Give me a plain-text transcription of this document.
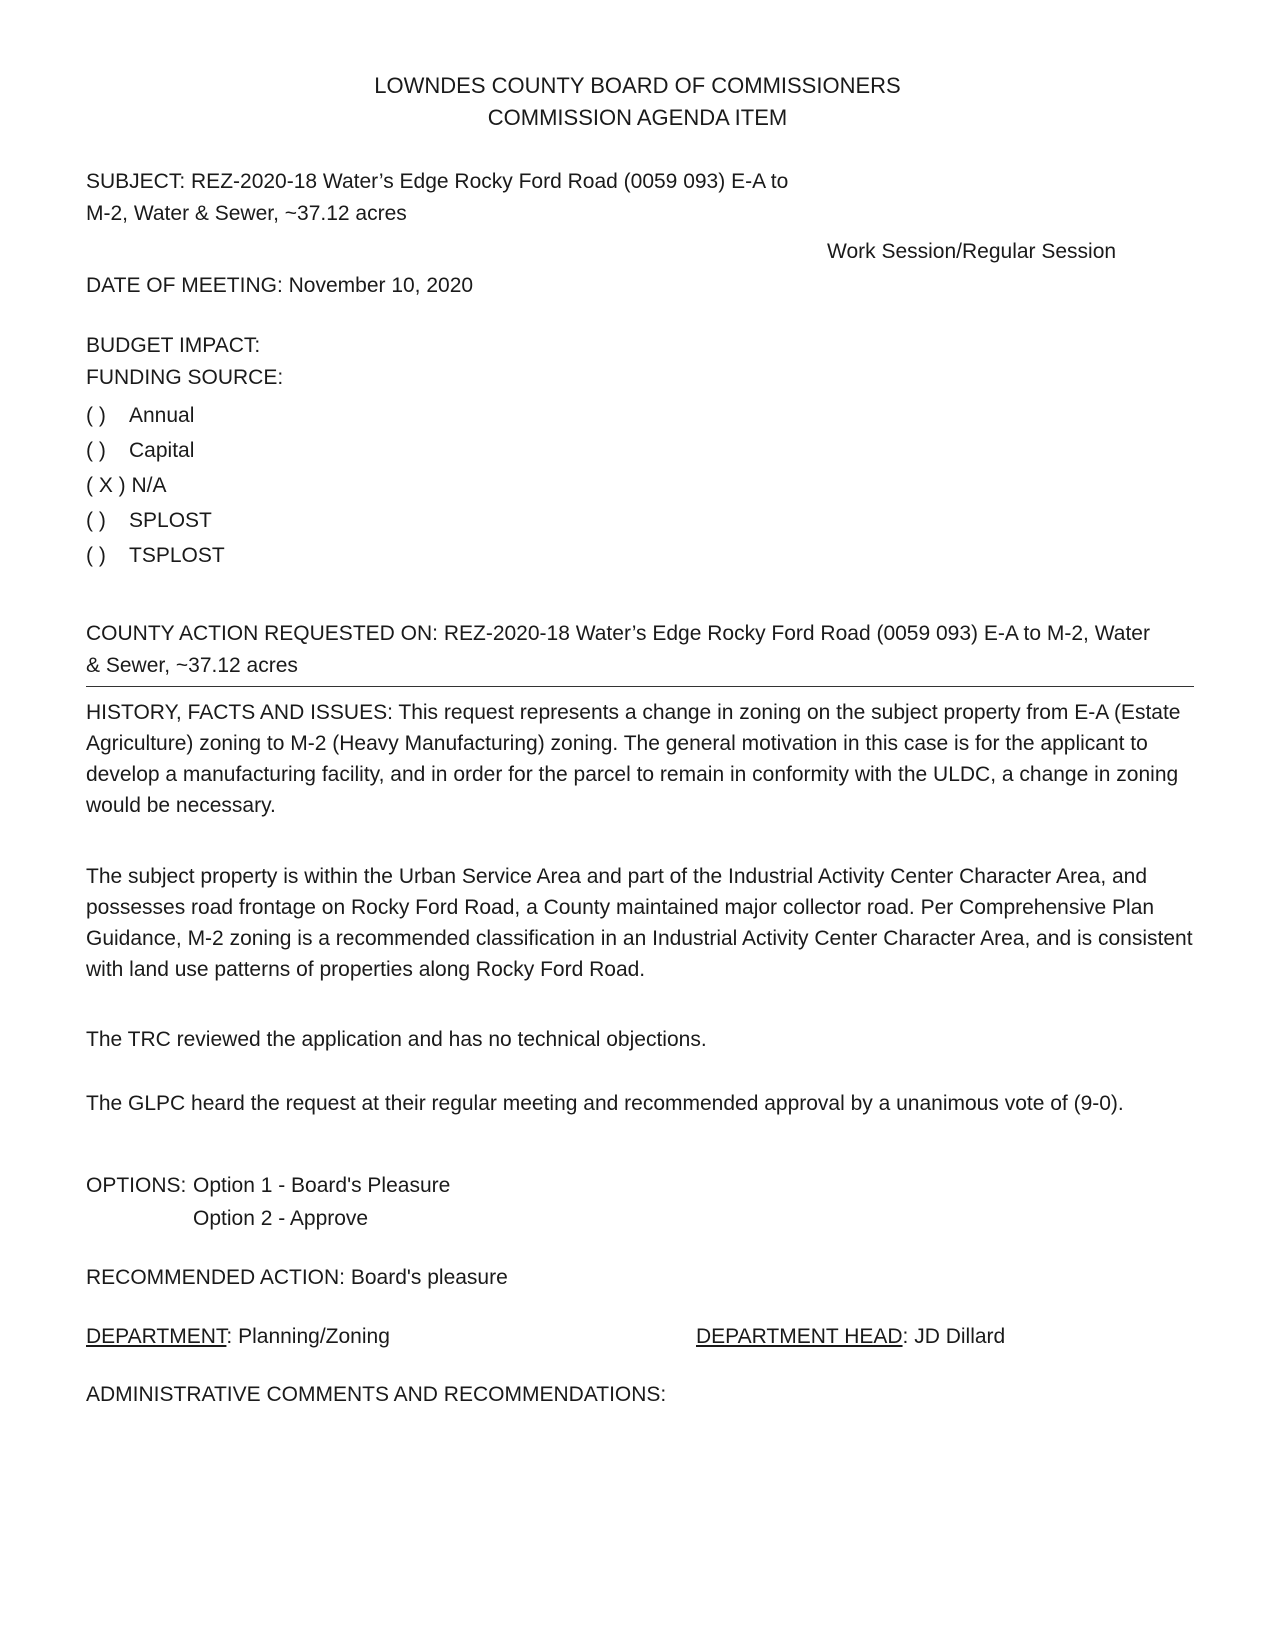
LOWNDES COUNTY BOARD OF COMMISSIONERS
COMMISSION AGENDA ITEM
SUBJECT: REZ-2020-18 Water’s Edge Rocky Ford Road (0059 093) E-A to
M-2, Water & Sewer, ~37.12 acres
Work Session/Regular Session
DATE OF MEETING: November 10, 2020
BUDGET IMPACT:
FUNDING SOURCE:
( ) Annual
( ) Capital
( X ) N/A
( ) SPLOST
( ) TSPLOST
COUNTY ACTION REQUESTED ON: REZ-2020-18 Water’s Edge Rocky Ford Road (0059 093) E-A to M-2, Water
& Sewer, ~37.12 acres
HISTORY, FACTS AND ISSUES: This request represents a change in zoning on the subject property from E-A (Estate Agriculture) zoning to M-2 (Heavy Manufacturing) zoning. The general motivation in this case is for the applicant to develop a manufacturing facility, and in order for the parcel to remain in conformity with the ULDC, a change in zoning would be necessary.
The subject property is within the Urban Service Area and part of the Industrial Activity Center Character Area, and possesses road frontage on Rocky Ford Road, a County maintained major collector road. Per Comprehensive Plan Guidance, M-2 zoning is a recommended classification in an Industrial Activity Center Character Area, and is consistent with land use patterns of properties along Rocky Ford Road.
The TRC reviewed the application and has no technical objections.
The GLPC heard the request at their regular meeting and recommended approval by a unanimous vote of (9-0).
OPTIONS: Option 1 - Board's Pleasure
Option 2 - Approve
RECOMMENDED ACTION: Board's pleasure
DEPARTMENT: Planning/Zoning	DEPARTMENT HEAD: JD Dillard
ADMINISTRATIVE COMMENTS AND RECOMMENDATIONS:
